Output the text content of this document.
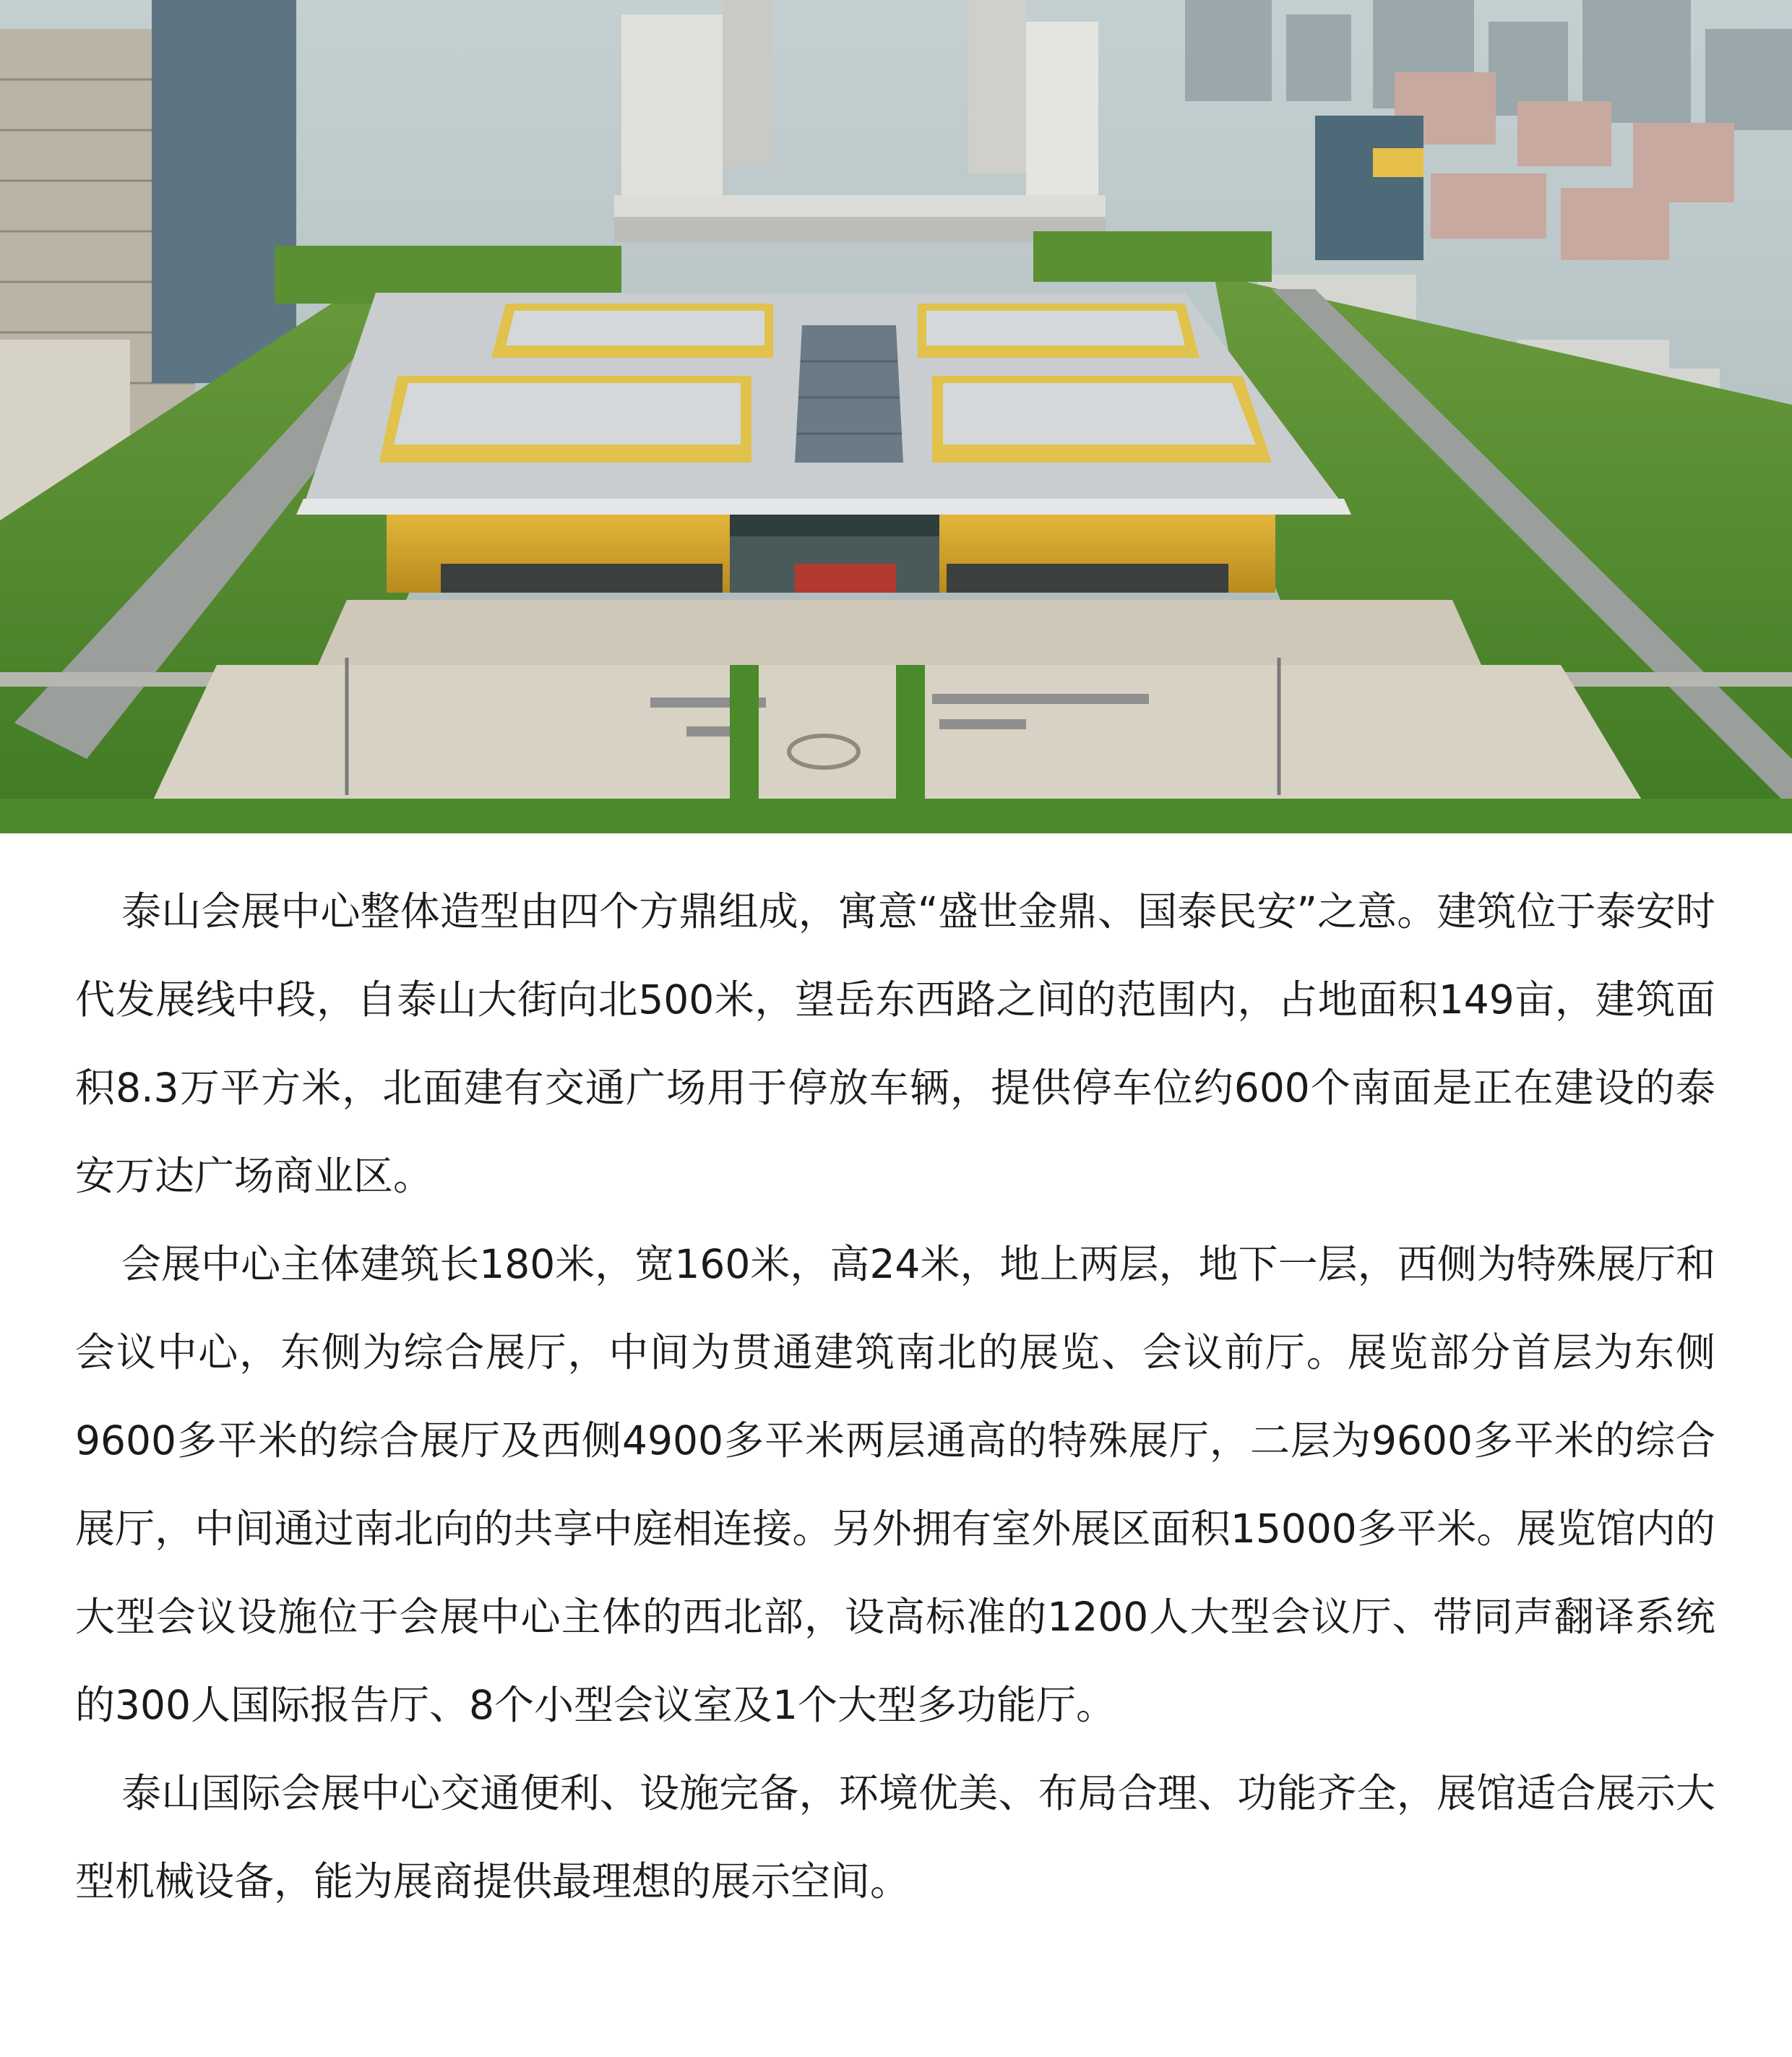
泰山会展中心整体造型由四个方鼎组成，寓意“盛世金鼎、国泰民安”之意。建筑位于泰安时代发展线中段，自泰山大街向北500米，望岳东西路之间的范围内，占地面积149亩，建筑面积8.3万平方米，北面建有交通广场用于停放车辆，提供停车位约600个南面是正在建设的泰安万达广场商业区。

会展中心主体建筑长180米，宽160米，高24米，地上两层，地下一层，西侧为特殊展厅和会议中心，东侧为综合展厅，中间为贯通建筑南北的展览、会议前厅。展览部分首层为东侧9600多平米的综合展厅及西侧4900多平米两层通高的特殊展厅，二层为9600多平米的综合展厅，中间通过南北向的共享中庭相连接。另外拥有室外展区面积15000多平米。展览馆内的大型会议设施位于会展中心主体的西北部，设高标准的1200人大型会议厅、带同声翻译系统的300人国际报告厅、8个小型会议室及1个大型多功能厅。

泰山国际会展中心交通便利、设施完备，环境优美、布局合理、功能齐全，展馆适合展示大型机械设备，能为展商提供最理想的展示空间。
